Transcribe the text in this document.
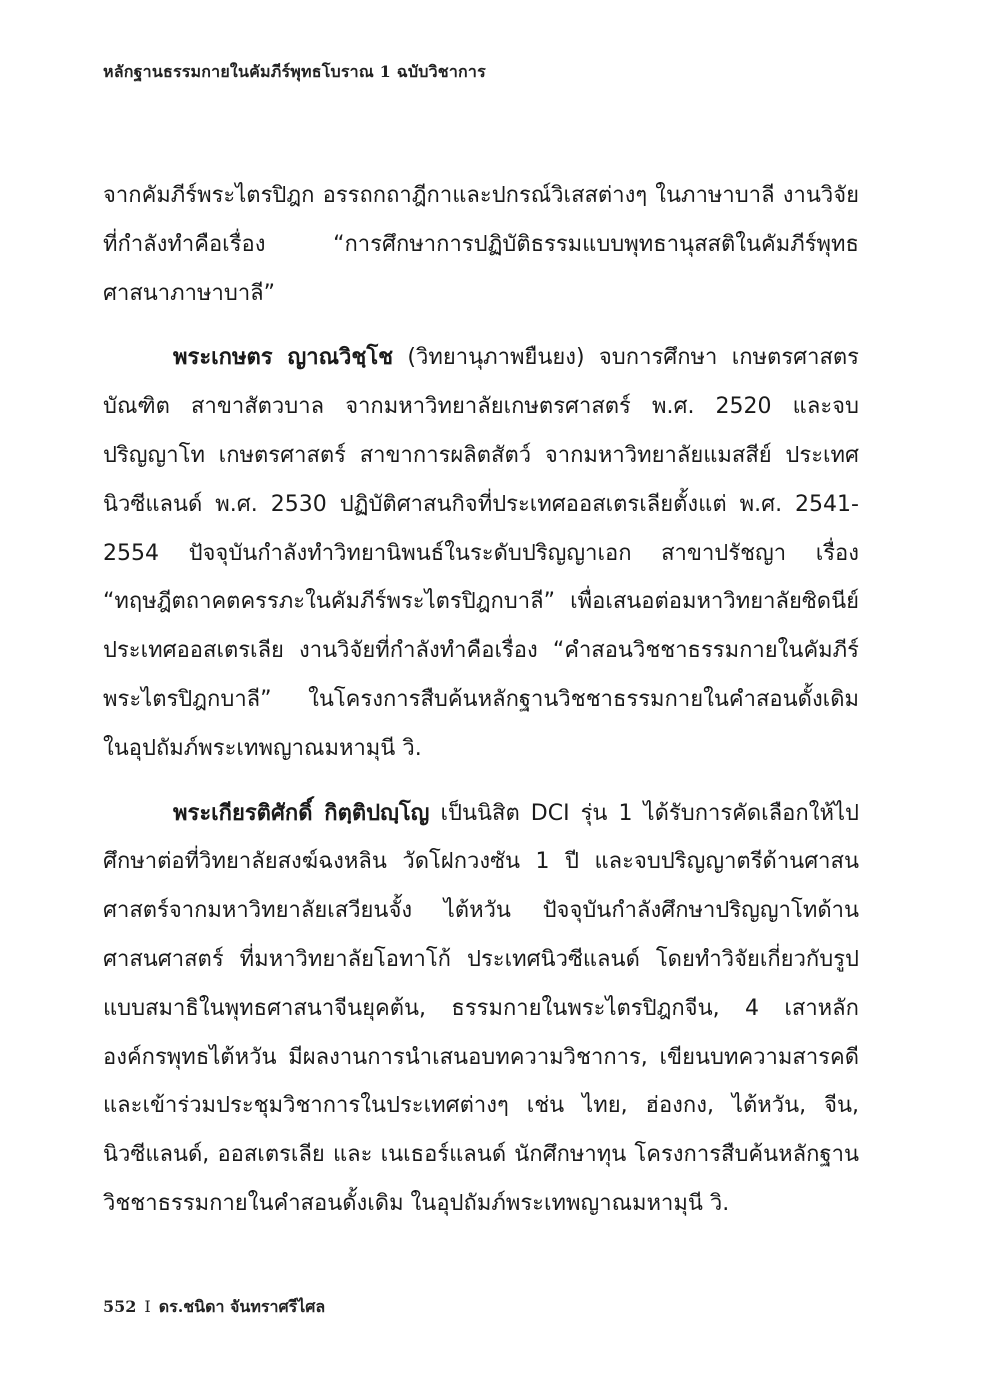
หลักฐานธรรมกายในคัมภีร์พุทธโบราณ 1 ฉบับวิชาการ

จากคัมภีร์พระไตรปิฎก อรรถกถาฎีกาและปกรณ์วิเสสต่างๆ ในภาษาบาลี งานวิจัยที่กำลังทำคือเรื่อง “การศึกษาการปฏิบัติธรรมแบบพุทธานุสสติในคัมภีร์พุทธศาสนาภาษาบาลี”

พระเกษตร ญาณวิชฺโช (วิทยานุภาพยืนยง) จบการศึกษา เกษตรศาสตรบัณฑิต สาขาสัตวบาล จากมหาวิทยาลัยเกษตรศาสตร์ พ.ศ. 2520 และจบปริญญาโท เกษตรศาสตร์ สาขาการผลิตสัตว์ จากมหาวิทยาลัยแมสสีย์ ประเทศนิวซีแลนด์ พ.ศ. 2530 ปฏิบัติศาสนกิจที่ประเทศออสเตรเลียตั้งแต่ พ.ศ. 2541-2554 ปัจจุบันกำลังทำวิทยานิพนธ์ในระดับปริญญาเอก สาขาปรัชญา เรื่อง “ทฤษฎีตถาคตครรภะในคัมภีร์พระไตรปิฎกบาลี” เพื่อเสนอต่อมหาวิทยาลัยซิดนีย์ ประเทศออสเตรเลีย งานวิจัยที่กำลังทำคือเรื่อง “คำสอนวิชชาธรรมกายในคัมภีร์พระไตรปิฎกบาลี” ในโครงการสืบค้นหลักฐานวิชชาธรรมกายในคำสอนดั้งเดิม ในอุปถัมภ์พระเทพญาณมหามุนี วิ.

พระเกียรติศักดิ์ กิตฺติปญฺโญ เป็นนิสิต DCI รุ่น 1 ได้รับการคัดเลือกให้ไปศึกษาต่อที่วิทยาลัยสงฆ์ฉงหลิน วัดโฝกวงซัน 1 ปี และจบปริญญาตรีด้านศาสนศาสตร์จากมหาวิทยาลัยเสวียนจั้ง ไต้หวัน ปัจจุบันกำลังศึกษาปริญญาโทด้านศาสนศาสตร์ ที่มหาวิทยาลัยโอทาโก้ ประเทศนิวซีแลนด์ โดยทำวิจัยเกี่ยวกับรูปแบบสมาธิในพุทธศาสนาจีนยุคต้น, ธรรมกายในพระไตรปิฎกจีน, 4 เสาหลักองค์กรพุทธไต้หวัน มีผลงานการนำเสนอบทความวิชาการ, เขียนบทความสารคดี และเข้าร่วมประชุมวิชาการในประเทศต่างๆ เช่น ไทย, ฮ่องกง, ไต้หวัน, จีน, นิวซีแลนด์, ออสเตรเลีย และ เนเธอร์แลนด์ นักศึกษาทุน โครงการสืบค้นหลักฐานวิชชาธรรมกายในคำสอนดั้งเดิม ในอุปถัมภ์พระเทพญาณมหามุนี วิ.

552 I ดร.ชนิดา จันทราศรีไศล
